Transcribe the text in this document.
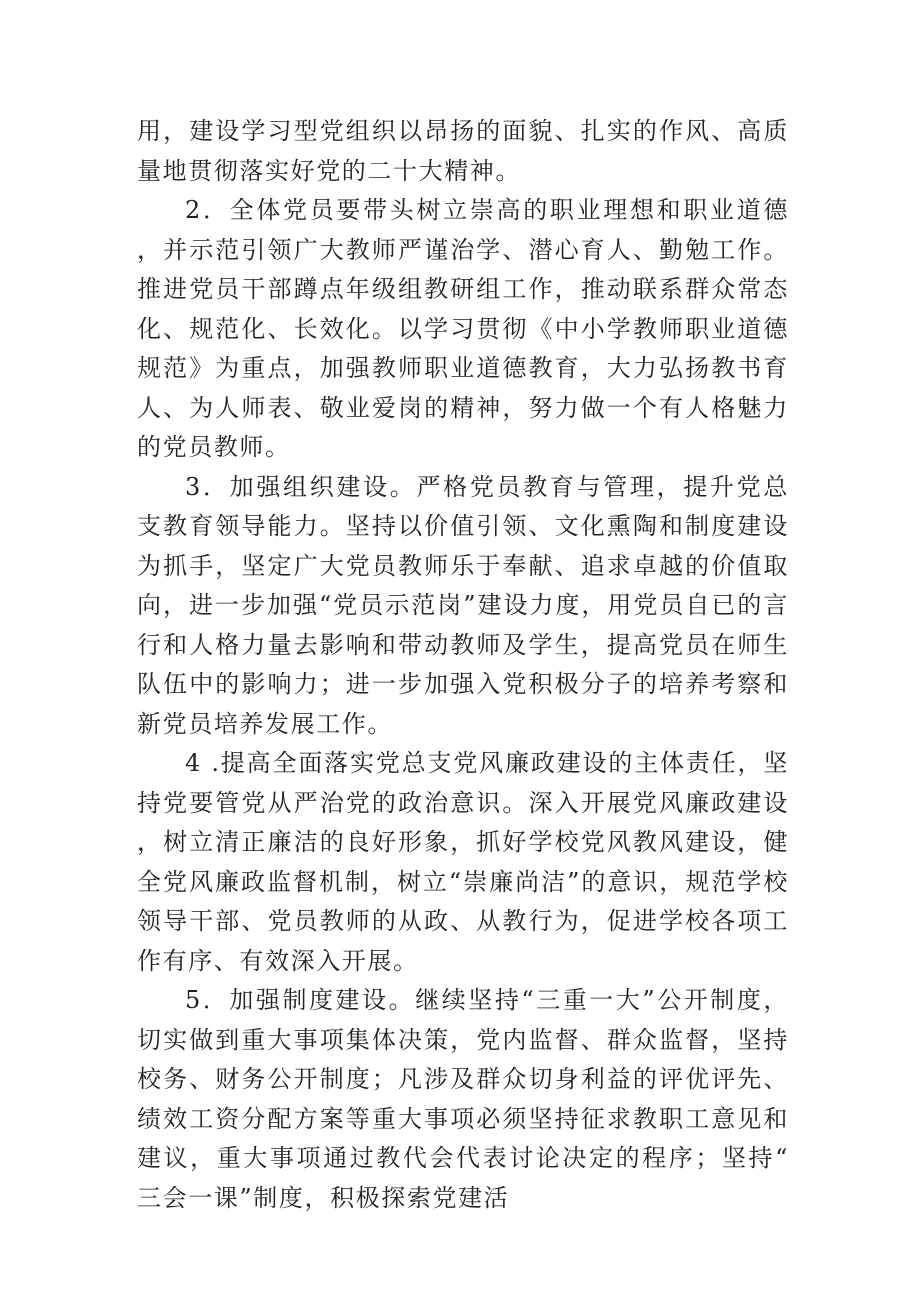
用，建设学习型党组织以昂扬的面貌、扎实的作风、高质量地贯彻落实好党的二十大精神。

2．全体党员要带头树立崇高的职业理想和职业道德，并示范引领广大教师严谨治学、潜心育人、勤勉工作。推进党员干部蹲点年级组教研组工作，推动联系群众常态化、规范化、长效化。以学习贯彻《中小学教师职业道德规范》为重点，加强教师职业道德教育，大力弘扬教书育人、为人师表、敬业爱岗的精神，努力做一个有人格魅力的党员教师。

3．加强组织建设。严格党员教育与管理，提升党总支教育领导能力。坚持以价值引领、文化熏陶和制度建设为抓手，坚定广大党员教师乐于奉献、追求卓越的价值取向，进一步加强“党员示范岗”建设力度，用党员自已的言行和人格力量去影响和带动教师及学生，提高党员在师生队伍中的影响力；进一步加强入党积极分子的培养考察和新党员培养发展工作。

4 .提高全面落实党总支党风廉政建设的主体责任，坚持党要管党从严治党的政治意识。深入开展党风廉政建设，树立清正廉洁的良好形象，抓好学校党风教风建设，健全党风廉政监督机制，树立“崇廉尚洁”的意识，规范学校领导干部、党员教师的从政、从教行为，促进学校各项工作有序、有效深入开展。

5．加强制度建设。继续坚持“三重一大”公开制度，切实做到重大事项集体决策，党内监督、群众监督，坚持校务、财务公开制度；凡涉及群众切身利益的评优评先、绩效工资分配方案等重大事项必须坚持征求教职工意见和建议，重大事项通过教代会代表讨论决定的程序；坚持“三会一课”制度，积极探索党建活
